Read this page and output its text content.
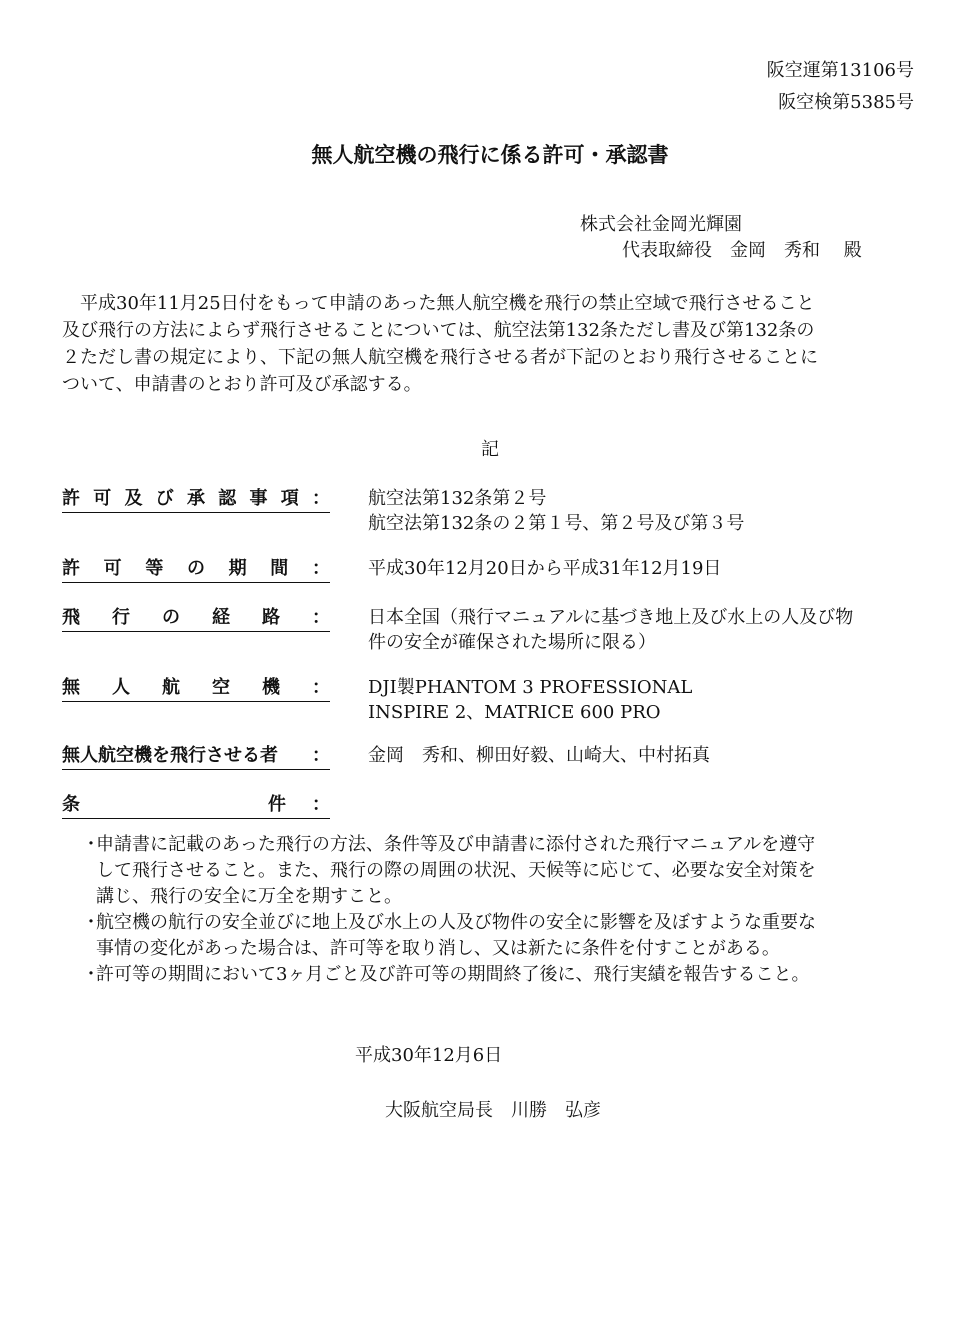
阪空運第13106号
阪空検第5385号
無人航空機の飛行に係る許可・承認書
株式会社金岡光輝園
代表取締役　金岡　秀和　 殿

　平成30年11月25日付をもって申請のあった無人航空機を飛行の禁止空域で飛行させること

及び飛行の方法によらず飛行させることについては、航空法第132条ただし書及び第132条の

２ただし書の規定により、下記の無人航空機を飛行させる者が下記のとおり飛行させることに

ついて、申請書のとおり許可及び承認する。

記
許 可 及 び 承 認 事 項 ： 航空法第132条第２号
航空法第132条の２第１号、第２号及び第３号
許 可 等 の 期 間 ： 平成30年12月20日から平成31年12月19日
飛 行 の 経 路 ： 日本全国（飛行マニュアルに基づき地上及び水上の人及び物
件の安全が確保された場所に限る）
無 人 航 空 機 ： DJI製PHANTOM 3 PROFESSIONAL
INSPIRE 2、MATRICE 600 PRO
無人航空機を飛行させる者 ： 金岡　秀和、柳田好毅、山崎大、中村拓真
条	件 ：
・
申請書に記載のあった飛行の方法、条件等及び申請書に添付された飛行マニュアルを遵守
して飛行させること。また、飛行の際の周囲の状況、天候等に応じて、必要な安全対策を
講じ、飛行の安全に万全を期すこと。
・
航空機の航行の安全並びに地上及び水上の人及び物件の安全に影響を及ぼすような重要な
事情の変化があった場合は、許可等を取り消し、又は新たに条件を付すことがある。
・
許可等の期間において3ヶ月ごと及び許可等の期間終了後に、飛行実績を報告すること。
平成30年12月6日
大阪航空局長　川勝　弘彦
